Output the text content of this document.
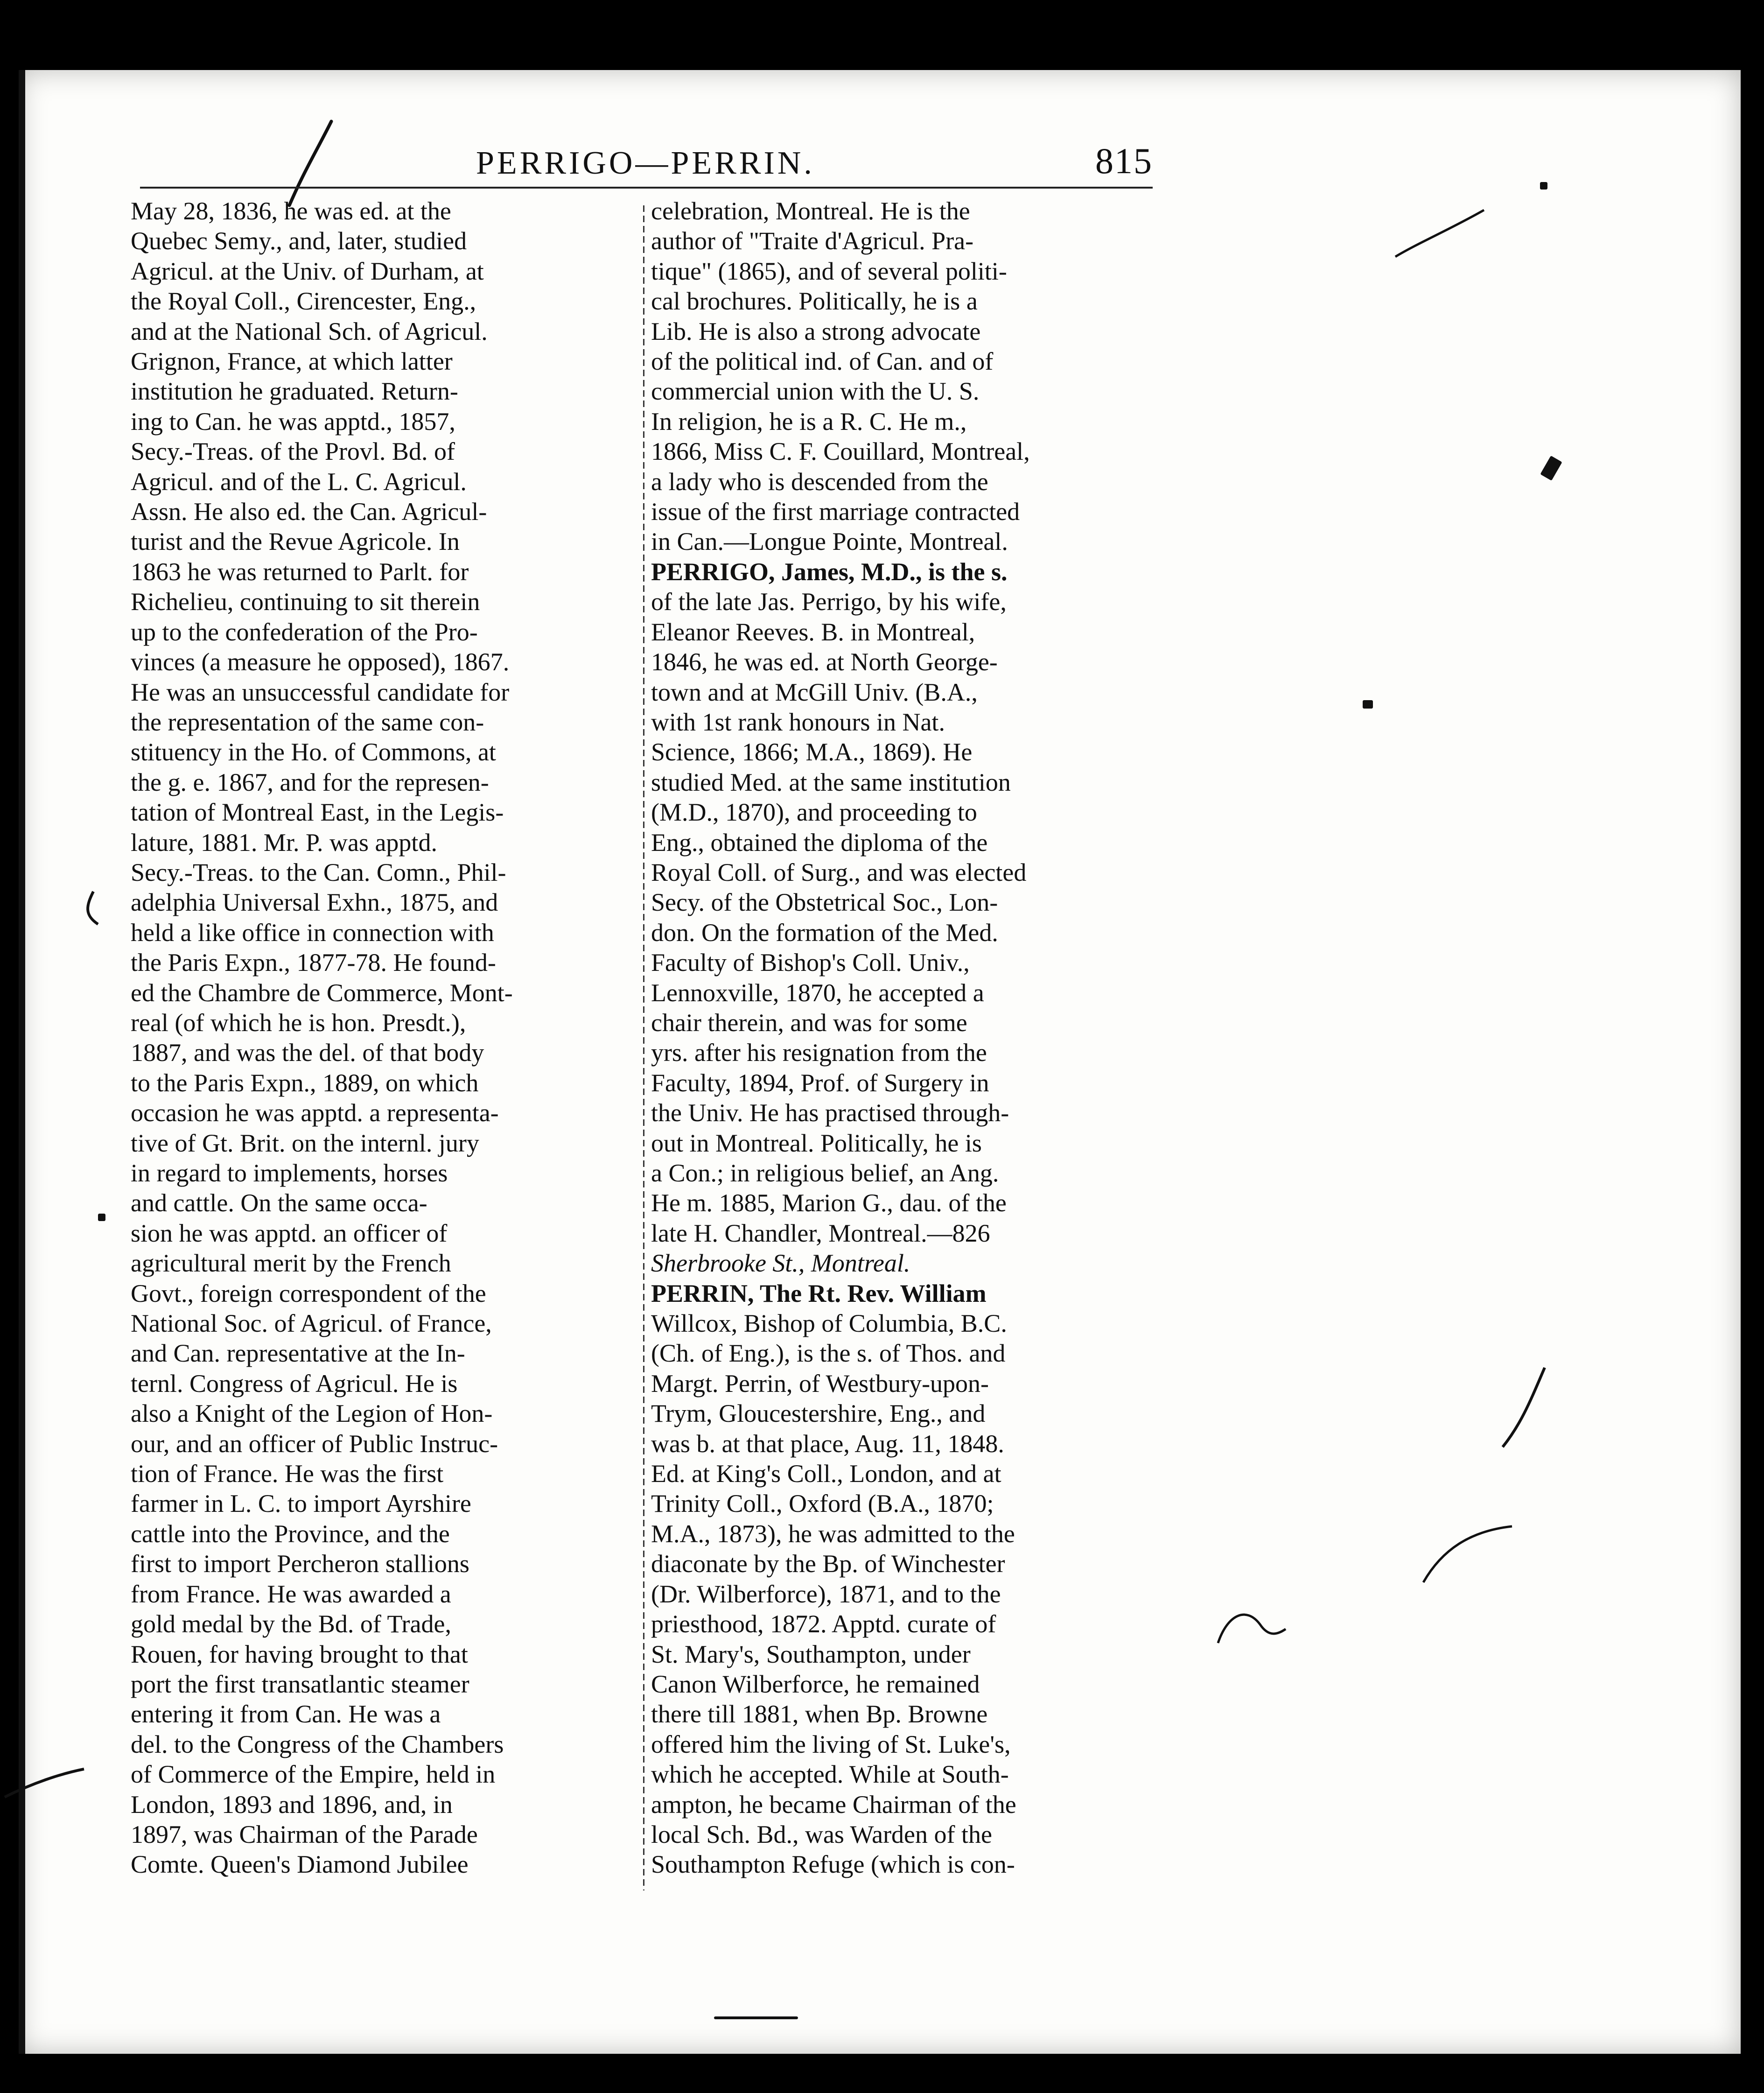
PERRIGO—PERRIN.	815
May 28, 1836, he was ed. at the
Quebec Semy., and, later, studied
Agricul. at the Univ. of Durham, at
the Royal Coll., Cirencester, Eng.,
and at the National Sch. of Agricul.
Grignon, France, at which latter
institution he graduated. Return-
ing to Can. he was apptd., 1857,
Secy.-Treas. of the Provl. Bd. of
Agricul. and of the L. C. Agricul.
Assn. He also ed. the Can. Agricul-
turist and the Revue Agricole. In
1863 he was returned to Parlt. for
Richelieu, continuing to sit therein
up to the confederation of the Pro-
vinces (a measure he opposed), 1867.
He was an unsuccessful candidate for
the representation of the same con-
stituency in the Ho. of Commons, at
the g. e. 1867, and for the represen-
tation of Montreal East, in the Legis-
lature, 1881. Mr. P. was apptd.
Secy.-Treas. to the Can. Comn., Phil-
adelphia Universal Exhn., 1875, and
held a like office in connection with
the Paris Expn., 1877-78. He found-
ed the Chambre de Commerce, Mont-
real (of which he is hon. Presdt.),
1887, and was the del. of that body
to the Paris Expn., 1889, on which
occasion he was apptd. a representa-
tive of Gt. Brit. on the internl. jury
in regard to implements, horses
and cattle. On the same occa-
sion he was apptd. an officer of
agricultural merit by the French
Govt., foreign correspondent of the
National Soc. of Agricul. of France,
and Can. representative at the In-
ternl. Congress of Agricul. He is
also a Knight of the Legion of Hon-
our, and an officer of Public Instruc-
tion of France. He was the first
farmer in L. C. to import Ayrshire
cattle into the Province, and the
first to import Percheron stallions
from France. He was awarded a
gold medal by the Bd. of Trade,
Rouen, for having brought to that
port the first transatlantic steamer
entering it from Can. He was a
del. to the Congress of the Chambers
of Commerce of the Empire, held in
London, 1893 and 1896, and, in
1897, was Chairman of the Parade
Comte. Queen's Diamond Jubilee
celebration, Montreal. He is the
author of "Traite d'Agricul. Pra-
tique" (1865), and of several politi-
cal brochures. Politically, he is a
Lib. He is also a strong advocate
of the political ind. of Can. and of
commercial union with the U. S.
In religion, he is a R. C. He m.,
1866, Miss C. F. Couillard, Montreal,
a lady who is descended from the
issue of the first marriage contracted
in Can.—Longue Pointe, Montreal.
PERRIGO, James, M.D., is the s.
of the late Jas. Perrigo, by his wife,
Eleanor Reeves. B. in Montreal,
1846, he was ed. at North George-
town and at McGill Univ. (B.A.,
with 1st rank honours in Nat.
Science, 1866; M.A., 1869). He
studied Med. at the same institution
(M.D., 1870), and proceeding to
Eng., obtained the diploma of the
Royal Coll. of Surg., and was elected
Secy. of the Obstetrical Soc., Lon-
don. On the formation of the Med.
Faculty of Bishop's Coll. Univ.,
Lennoxville, 1870, he accepted a
chair therein, and was for some
yrs. after his resignation from the
Faculty, 1894, Prof. of Surgery in
the Univ. He has practised through-
out in Montreal. Politically, he is
a Con.; in religious belief, an Ang.
He m. 1885, Marion G., dau. of the
late H. Chandler, Montreal.—826
Sherbrooke St., Montreal.
PERRIN, The Rt. Rev. William
Willcox, Bishop of Columbia, B.C.
(Ch. of Eng.), is the s. of Thos. and
Margt. Perrin, of Westbury-upon-
Trym, Gloucestershire, Eng., and
was b. at that place, Aug. 11, 1848.
Ed. at King's Coll., London, and at
Trinity Coll., Oxford (B.A., 1870;
M.A., 1873), he was admitted to the
diaconate by the Bp. of Winchester
(Dr. Wilberforce), 1871, and to the
priesthood, 1872. Apptd. curate of
St. Mary's, Southampton, under
Canon Wilberforce, he remained
there till 1881, when Bp. Browne
offered him the living of St. Luke's,
which he accepted. While at South-
ampton, he became Chairman of the
local Sch. Bd., was Warden of the
Southampton Refuge (which is con-
